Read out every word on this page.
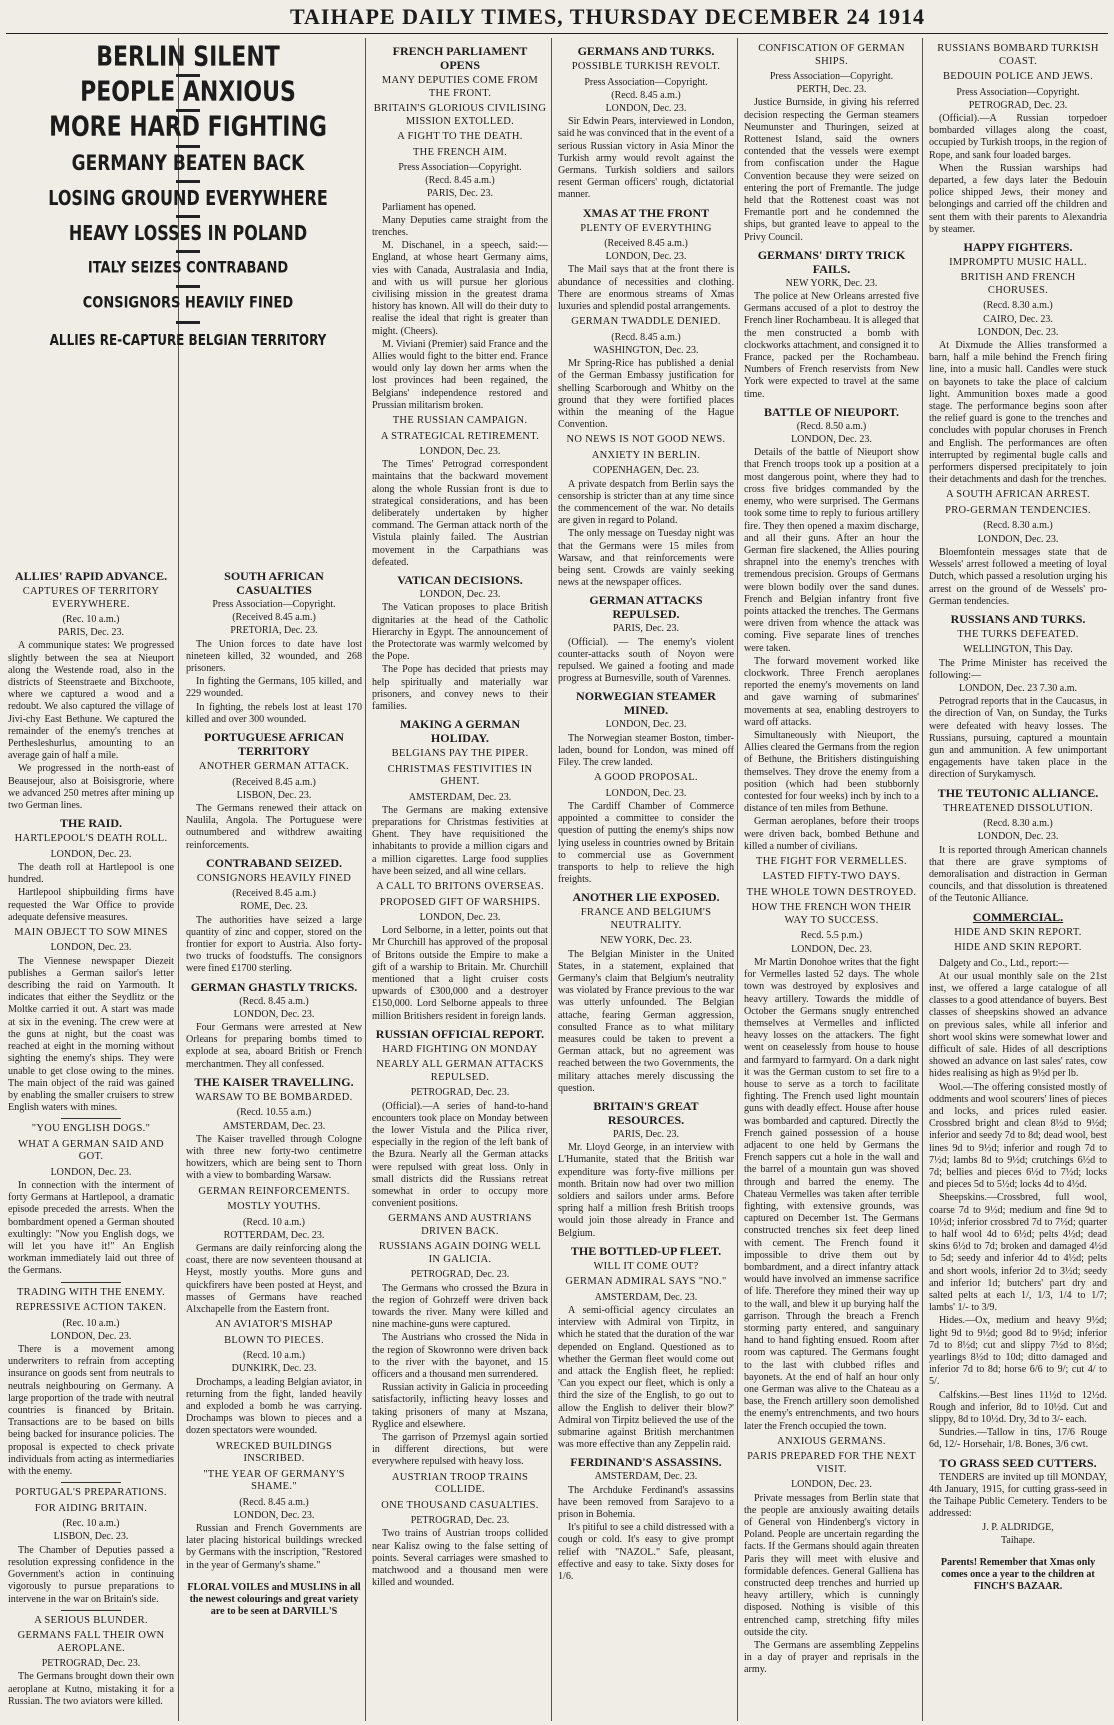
TAIHAPE DAILY TIMES, THURSDAY DECEMBER 24 1914

BERLIN SILENT

PEOPLE ANXIOUS

MORE HARD FIGHTING

GERMANY BEATEN BACK

LOSING GROUND EVERYWHERE

HEAVY LOSSES IN POLAND

ITALY SEIZES CONTRABAND

CONSIGNORS HEAVILY FINED

ALLIES RE-CAPTURE BELGIAN TERRITORY

ALLIES' RAPID ADVANCE.
CAPTURES OF TERRITORY EVERYWHERE.
(Rec. 10 a.m.)
PARIS, Dec. 23.

A communique states: We progressed slightly between the sea at Nieuport along the Westende road, also in the districts of Steenstraete and Bixchoote, where we captured a wood and a redoubt. We also captured the village of Jivi-chy East Bethune. We captured the remainder of the enemy's trenches at Perthesleshurlus, amounting to an average gain of half a mile.

We progressed in the north-east of Beausejour, also at Boisisgrorie, where we advanced 250 metres after mining up two German lines.

THE RAID.
HARTLEPOOL'S DEATH ROLL.
LONDON, Dec. 23.

The death roll at Hartlepool is one hundred.

Hartlepool shipbuilding firms have requested the War Office to provide adequate defensive measures.

MAIN OBJECT TO SOW MINES
LONDON, Dec. 23.

The Viennese newspaper Diezeit publishes a German sailor's letter describing the raid on Yarmouth. It indicates that either the Seydlitz or the Moltke carried it out. A start was made at six in the evening. The crew were at the guns at night, but the coast was reached at eight in the morning without sighting the enemy's ships. They were unable to get close owing to the mines. The main object of the raid was gained by enabling the smaller cruisers to strew English waters with mines.

"YOU ENGLISH DOGS."
WHAT A GERMAN SAID AND GOT.
LONDON, Dec. 23.

In connection with the interment of forty Germans at Hartlepool, a dramatic episode preceded the arrests. When the bombardment opened a German shouted exultingly: "Now you English dogs, we will let you have it!" An English workman immediately laid out three of the Germans.

TRADING WITH THE ENEMY.
REPRESSIVE ACTION TAKEN.
(Rec. 10 a.m.)
LONDON, Dec. 23.

There is a movement among underwriters to refrain from accepting insurance on goods sent from neutrals to neutrals neighbouring on Germany. A large proportion of the trade with neutral countries is financed by Britain. Transactions are to be based on bills being backed for insurance policies. The proposal is expected to check private individuals from acting as intermediaries with the enemy.

PORTUGAL'S PREPARATIONS.
FOR AIDING BRITAIN.
(Rec. 10 a.m.)
LISBON, Dec. 23.

The Chamber of Deputies passed a resolution expressing confidence in the Government's action in continuing vigorously to pursue preparations to intervene in the war on Britain's side.

A SERIOUS BLUNDER.
GERMANS FALL THEIR OWN AEROPLANE.
PETROGRAD, Dec. 23.

The Germans brought down their own aeroplane at Kutno, mistaking it for a Russian. The two aviators were killed.

SOUTH AFRICAN CASUALTIES
Press Association—Copyright.
(Received 8.45 a.m.)
PRETORIA, Dec. 23.

The Union forces to date have lost nineteen killed, 32 wounded, and 268 prisoners.

In fighting the Germans, 105 killed, and 229 wounded.

In fighting, the rebels lost at least 170 killed and over 300 wounded.

PORTUGUESE AFRICAN TERRITORY
ANOTHER GERMAN ATTACK.
(Received 8.45 a.m.)
LISBON, Dec. 23.

The Germans renewed their attack on Naulila, Angola. The Portuguese were outnumbered and withdrew awaiting reinforcements.

CONTRABAND SEIZED.
CONSIGNORS HEAVILY FINED
(Received 8.45 a.m.)
ROME, Dec. 23.

The authorities have seized a large quantity of zinc and copper, stored on the frontier for export to Austria. Also forty-two trucks of foodstuffs. The consignors were fined £1700 sterling.

GERMAN GHASTLY TRICKS.
(Recd. 8.45 a.m.)
LONDON, Dec. 23.

Four Germans were arrested at New Orleans for preparing bombs timed to explode at sea, aboard British or French merchantmen. They all confessed.

THE KAISER TRAVELLING.
WARSAW TO BE BOMBARDED.
(Recd. 10.55 a.m.)
AMSTERDAM, Dec. 23.

The Kaiser travelled through Cologne with three new forty-two centimetre howitzers, which are being sent to Thorn with a view to bombarding Warsaw.

GERMAN REINFORCEMENTS.
MOSTLY YOUTHS.
(Recd. 10 a.m.)
ROTTERDAM, Dec. 23.

Germans are daily reinforcing along the coast, there are now seventeen thousand at Heyst, mostly youths. More guns and quickfirers have been posted at Heyst, and masses of Germans have reached Alxchapelle from the Eastern front.

AN AVIATOR'S MISHAP
BLOWN TO PIECES.
(Recd. 10 a.m.)
DUNKIRK, Dec. 23.

Drochamps, a leading Belgian aviator, in returning from the fight, landed heavily and exploded a bomb he was carrying. Drochamps was blown to pieces and a dozen spectators were wounded.

WRECKED BUILDINGS INSCRIBED.
"THE YEAR OF GERMANY'S SHAME."
(Recd. 8.45 a.m.)
LONDON, Dec. 23.

Russian and French Governments are later placing historical buildings wrecked by Germans with the inscription, "Restored in the year of Germany's shame."

FLORAL VOILES and MUSLINS in all the newest colourings and great variety are to be seen at DARVILL'S

FRENCH PARLIAMENT OPENS
MANY DEPUTIES COME FROM THE FRONT.
BRITAIN'S GLORIOUS CIVILISING MISSION EXTOLLED.
A FIGHT TO THE DEATH.
THE FRENCH AIM.
Press Association—Copyright.
(Recd. 8.45 a.m.)
PARIS, Dec. 23.

Parliament has opened.

Many Deputies came straight from the trenches.

M. Dischanel, in a speech, said:—England, at whose heart Germany aims, vies with Canada, Australasia and India, and with us will pursue her glorious civilising mission in the greatest drama history has known. All will do their duty to realise the ideal that right is greater than might. (Cheers).

M. Viviani (Premier) said France and the Allies would fight to the bitter end. France would only lay down her arms when the lost provinces had been regained, the Belgians' independence restored and Prussian militarism broken.

THE RUSSIAN CAMPAIGN.
A STRATEGICAL RETIREMENT.
LONDON, Dec. 23.

The Times' Petrograd correspondent maintains that the backward movement along the whole Russian front is due to strategical considerations, and has been deliberately undertaken by higher command. The German attack north of the Vistula plainly failed. The Austrian movement in the Carpathians was defeated.

VATICAN DECISIONS.
LONDON, Dec. 23.

The Vatican proposes to place British dignitaries at the head of the Catholic Hierarchy in Egypt. The announcement of the Protectorate was warmly welcomed by the Pope.

The Pope has decided that priests may help spiritually and materially war prisoners, and convey news to their families.

MAKING A GERMAN HOLIDAY.
BELGIANS PAY THE PIPER.
CHRISTMAS FESTIVITIES IN GHENT.
AMSTERDAM, Dec. 23.

The Germans are making extensive preparations for Christmas festivities at Ghent. They have requisitioned the inhabitants to provide a million cigars and a million cigarettes. Large food supplies have been seized, and all wine cellars.

A CALL TO BRITONS OVERSEAS.
PROPOSED GIFT OF WARSHIPS.
LONDON, Dec. 23.

Lord Selborne, in a letter, points out that Mr Churchill has approved of the proposal of Britons outside the Empire to make a gift of a warship to Britain. Mr. Churchill mentioned that a light cruiser costs upwards of £300,000 and a destroyer £150,000. Lord Selborne appeals to three million Britishers resident in foreign lands.

RUSSIAN OFFICIAL REPORT.
HARD FIGHTING ON MONDAY
NEARLY ALL GERMAN ATTACKS REPULSED.
PETROGRAD, Dec. 23.

(Official).—A series of hand-to-hand encounters took place on Monday between the lower Vistula and the Pilica river, especially in the region of the left bank of the Bzura. Nearly all the German attacks were repulsed with great loss. Only in small districts did the Russians retreat somewhat in order to occupy more convenient positions.

GERMANS AND AUSTRIANS DRIVEN BACK.
RUSSIANS AGAIN DOING WELL IN GALICIA.
PETROGRAD, Dec. 23.

The Germans who crossed the Bzura in the region of Gohrzeff were driven back towards the river. Many were killed and nine machine-guns were captured.

The Austrians who crossed the Nida in the region of Skowronno were driven back to the river with the bayonet, and 15 officers and a thousand men surrendered.

Russian activity in Galicia in proceeding satisfactorily, inflicting heavy losses and taking prisoners of many at Mszana, Ryglice and elsewhere.

The garrison of Przemysl again sortied in different directions, but were everywhere repulsed with heavy loss.

AUSTRIAN TROOP TRAINS COLLIDE.
ONE THOUSAND CASUALTIES.
PETROGRAD, Dec. 23.

Two trains of Austrian troops collided near Kalisz owing to the false setting of points. Several carriages were smashed to matchwood and a thousand men were killed and wounded.

GERMANS AND TURKS.
POSSIBLE TURKISH REVOLT.
Press Association—Copyright.
(Recd. 8.45 a.m.)
LONDON, Dec. 23.

Sir Edwin Pears, interviewed in London, said he was convinced that in the event of a serious Russian victory in Asia Minor the Turkish army would revolt against the Germans. Turkish soldiers and sailors resent German officers' rough, dictatorial manner.

XMAS AT THE FRONT
PLENTY OF EVERYTHING
(Received 8.45 a.m.)
LONDON, Dec. 23.

The Mail says that at the front there is abundance of necessities and clothing. There are enormous streams of Xmas luxuries and splendid postal arrangements.

GERMAN TWADDLE DENIED.
(Recd. 8.45 a.m.)
WASHINGTON, Dec. 23.

Mr Spring-Rice has published a denial of the German Embassy justification for shelling Scarborough and Whitby on the ground that they were fortified places within the meaning of the Hague Convention.

NO NEWS IS NOT GOOD NEWS.
ANXIETY IN BERLIN.
COPENHAGEN, Dec. 23.

A private despatch from Berlin says the censorship is stricter than at any time since the commencement of the war. No details are given in regard to Poland.

The only message on Tuesday night was that the Germans were 15 miles from Warsaw, and that reinforcements were being sent. Crowds are vainly seeking news at the newspaper offices.

GERMAN ATTACKS REPULSED.
PARIS, Dec. 23.

(Official). — The enemy's violent counter-attacks south of Noyon were repulsed. We gained a footing and made progress at Burnesville, south of Varennes.

NORWEGIAN STEAMER MINED.
LONDON, Dec. 23.

The Norwegian steamer Boston, timber-laden, bound for London, was mined off Filey. The crew landed.

A GOOD PROPOSAL.
LONDON, Dec. 23.

The Cardiff Chamber of Commerce appointed a committee to consider the question of putting the enemy's ships now lying useless in countries owned by Britain to commercial use as Government transports to help to relieve the high freights.

ANOTHER LIE EXPOSED.
FRANCE AND BELGIUM'S NEUTRALITY.
NEW YORK, Dec. 23.

The Belgian Minister in the United States, in a statement, explained that Germany's claim that Belgium's neutrality was violated by France previous to the war was utterly unfounded. The Belgian attache, fearing German aggression, consulted France as to what military measures could be taken to prevent a German attack, but no agreement was reached between the two Governments, the military attaches merely discussing the question.

BRITAIN'S GREAT RESOURCES.
PARIS, Dec. 23.

Mr. Lloyd George, in an interview with L'Humanite, stated that the British war expenditure was forty-five millions per month. Britain now had over two million soldiers and sailors under arms. Before spring half a million fresh British troops would join those already in France and Belgium.

THE BOTTLED-UP FLEET.
WILL IT COME OUT?
GERMAN ADMIRAL SAYS "NO."
AMSTERDAM, Dec. 23.

A semi-official agency circulates an interview with Admiral von Tirpitz, in which he stated that the duration of the war depended on England. Questioned as to whether the German fleet would come out and attack the English fleet, he replied: 'Can you expect our fleet, which is only a third the size of the English, to go out to allow the English to deliver their blow?' Admiral von Tirpitz believed the use of the submarine against British merchantmen was more effective than any Zeppelin raid.

FERDINAND'S ASSASSINS.
AMSTERDAM, Dec. 23.

The Archduke Ferdinand's assassins have been removed from Sarajevo to a prison in Bohemia.

It's pitiful to see a child distressed with a cough or cold. It's easy to give prompt relief with "NAZOL." Safe, pleasant, effective and easy to take. Sixty doses for 1/6.

CONFISCATION OF GERMAN SHIPS.
Press Association—Copyright.
PERTH, Dec. 23.

Justice Burnside, in giving his referred decision respecting the German steamers Neumunster and Thuringen, seized at Rottenest Island, said the owners contended that the vessels were exempt from confiscation under the Hague Convention because they were seized on entering the port of Fremantle. The judge held that the Rottenest coast was not Fremantle port and he condemned the ships, but granted leave to appeal to the Privy Council.

GERMANS' DIRTY TRICK FAILS.
NEW YORK, Dec. 23.

The police at New Orleans arrested five Germans accused of a plot to destroy the French liner Rochambeau. It is alleged that the men constructed a bomb with clockworks attachment, and consigned it to France, packed per the Rochambeau. Numbers of French reservists from New York were expected to travel at the same time.

BATTLE OF NIEUPORT.
(Recd. 8.50 a.m.)
LONDON, Dec. 23.

Details of the battle of Nieuport show that French troops took up a position at a most dangerous point, where they had to cross five bridges commanded by the enemy, who were surprised. The Germans took some time to reply to furious artillery fire. They then opened a maxim discharge, and all their guns. After an hour the German fire slackened, the Allies pouring shrapnel into the enemy's trenches with tremendous precision. Groups of Germans were blown bodily over the sand dunes. French and Belgian infantry front five points attacked the trenches. The Germans were driven from whence the attack was coming. Five separate lines of trenches were taken.

The forward movement worked like clockwork. Three French aeroplanes reported the enemy's movements on land and gave warning of submarines' movements at sea, enabling destroyers to ward off attacks.

Simultaneously with Nieuport, the Allies cleared the Germans from the region of Bethune, the Britishers distinguishing themselves. They drove the enemy from a position (which had been stubbornly contested for four weeks) inch by inch to a distance of ten miles from Bethune.

German aeroplanes, before their troops were driven back, bombed Bethune and killed a number of civilians.

THE FIGHT FOR VERMELLES.
LASTED FIFTY-TWO DAYS.
THE WHOLE TOWN DESTROYED.
HOW THE FRENCH WON THEIR WAY TO SUCCESS.
Recd. 5.5 p.m.)
LONDON, Dec. 23.

Mr Martin Donohoe writes that the fight for Vermelles lasted 52 days. The whole town was destroyed by explosives and heavy artillery. Towards the middle of October the Germans snugly entrenched themselves at Vermelles and inflicted heavy losses on the attackers. The fight went on ceaselessly from house to house and farmyard to farmyard. On a dark night it was the German custom to set fire to a house to serve as a torch to facilitate fighting. The French used light mountain guns with deadly effect. House after house was bombarded and captured. Directly the French gained possession of a house adjacent to one held by Germans the French sappers cut a hole in the wall and the barrel of a mountain gun was shoved through and barred the enemy. The Chateau Vermelles was taken after terrible fighting, with extensive grounds, was captured on December 1st. The Germans constructed trenches six feet deep lined with cement. The French found it impossible to drive them out by bombardment, and a direct infantry attack would have involved an immense sacrifice of life. Therefore they mined their way up to the wall, and blew it up burying half the garrison. Through the breach a French storming party entered, and sanguinary hand to hand fighting ensued. Room after room was captured. The Germans fought to the last with clubbed rifles and bayonets. At the end of half an hour only one German was alive to the Chateau as a base, the French artillery soon demolished the enemy's entrenchments, and two hours later the French occupied the town.

ANXIOUS GERMANS.
PARIS PREPARED FOR THE NEXT VISIT.
LONDON, Dec. 23.

Private messages from Berlin state that the people are anxiously awaiting details of General von Hindenberg's victory in Poland. People are uncertain regarding the facts. If the Germans should again threaten Paris they will meet with elusive and formidable defences. General Galliena has constructed deep trenches and hurried up heavy artillery, which is cunningly disposed. Nothing is visible of this entrenched camp, stretching fifty miles outside the city.

The Germans are assembling Zeppelins in a day of prayer and reprisals in the army.

RUSSIANS BOMBARD TURKISH COAST.
BEDOUIN POLICE AND JEWS.
Press Association—Copyright.
PETROGRAD, Dec. 23.

(Official).—A Russian torpedoer bombarded villages along the coast, occupied by Turkish troops, in the region of Rope, and sank four loaded barges.

When the Russian warships had departed, a few days later the Bedouin police shipped Jews, their money and belongings and carried off the children and sent them with their parents to Alexandria by steamer.

HAPPY FIGHTERS.
IMPROMPTU MUSIC HALL.
BRITISH AND FRENCH CHORUSES.
(Recd. 8.30 a.m.)
CAIRO, Dec. 23.
LONDON, Dec. 23.

At Dixmude the Allies transformed a barn, half a mile behind the French firing line, into a music hall. Candles were stuck on bayonets to take the place of calcium light. Ammunition boxes made a good stage. The performance begins soon after the relief guard is gone to the trenches and concludes with popular choruses in French and English. The performances are often interrupted by regimental bugle calls and performers dispersed precipitately to join their detachments and dash for the trenches.

A SOUTH AFRICAN ARREST.
PRO-GERMAN TENDENCIES.
(Recd. 8.30 a.m.)
LONDON, Dec. 23.

Bloemfontein messages state that de Wessels' arrest followed a meeting of loyal Dutch, which passed a resolution urging his arrest on the ground of de Wessels' pro-German tendencies.

RUSSIANS AND TURKS.
THE TURKS DEFEATED.
WELLINGTON, This Day.

The Prime Minister has received the following:—

LONDON, Dec. 23 7.30 a.m.

Petrograd reports that in the Caucasus, in the direction of Van, on Sunday, the Turks were defeated with heavy losses. The Russians, pursuing, captured a mountain gun and ammunition. A few unimportant engagements have taken place in the direction of Surykamysch.

THE TEUTONIC ALLIANCE.
THREATENED DISSOLUTION.
(Recd. 8.30 a.m.)
LONDON, Dec. 23.

It is reported through American channels that there are grave symptoms of demoralisation and distraction in German councils, and that dissolution is threatened of the Teutonic Alliance.

COMMERCIAL.
HIDE AND SKIN REPORT.
HIDE AND SKIN REPORT.

Dalgety and Co., Ltd., report:—

At our usual monthly sale on the 21st inst, we offered a large catalogue of all classes to a good attendance of buyers. Best classes of sheepskins showed an advance on previous sales, while all inferior and short wool skins were somewhat lower and difficult of sale. Hides of all descriptions showed an advance on last sales' rates, cow hides realising as high as 9½d per lb.

Wool.—The offering consisted mostly of oddments and wool scourers' lines of pieces and locks, and prices ruled easier. Crossbred bright and clean 8½d to 9½d; inferior and seedy 7d to 8d; dead wool, best lines 9d to 9½d; inferior and rough 7d to 7½d; lambs 8d to 9½d; crutchings 6½d to 7d; bellies and pieces 6½d to 7½d; locks and pieces 5d to 5½d; locks 4d to 4½d.

Sheepskins.—Crossbred, full wool, coarse 7d to 9½d; medium and fine 9d to 10½d; inferior crossbred 7d to 7½d; quarter to half wool 4d to 6½d; pelts 4½d; dead skins 6½d to 7d; broken and damaged 4½d to 5d; seedy and inferior 4d to 4½d; pelts and short wools, inferior 2d to 3½d; seedy and inferior 1d; butchers' part dry and salted pelts at each 1/, 1/3, 1/4 to 1/7; lambs' 1/- to 3/9.

Hides.—Ox, medium and heavy 9½d; light 9d to 9½d; good 8d to 9½d; inferior 7d to 8½d; cut and slippy 7½d to 8½d; yearlings 8½d to 10d; ditto damaged and inferior 7d to 8d; horse 6/6 to 9/; cut 4/ to 5/.

Calfskins.—Best lines 11½d to 12½d. Rough and inferior, 8d to 10½d. Cut and slippy, 8d to 10½d. Dry, 3d to 3/- each.

Sundries.—Tallow in tins, 17/6 Rouge 6d, 12/- Horsehair, 1/8. Bones, 3/6 cwt.

TO GRASS SEED CUTTERS.

TENDERS are invited up till MONDAY, 4th January, 1915, for cutting grass-seed in the Taihape Public Cemetery. Tenders to be addressed:

J. P. ALDRIDGE,
Taihape.

Parents! Remember that Xmas only comes once a year to the children at FINCH'S BAZAAR.
